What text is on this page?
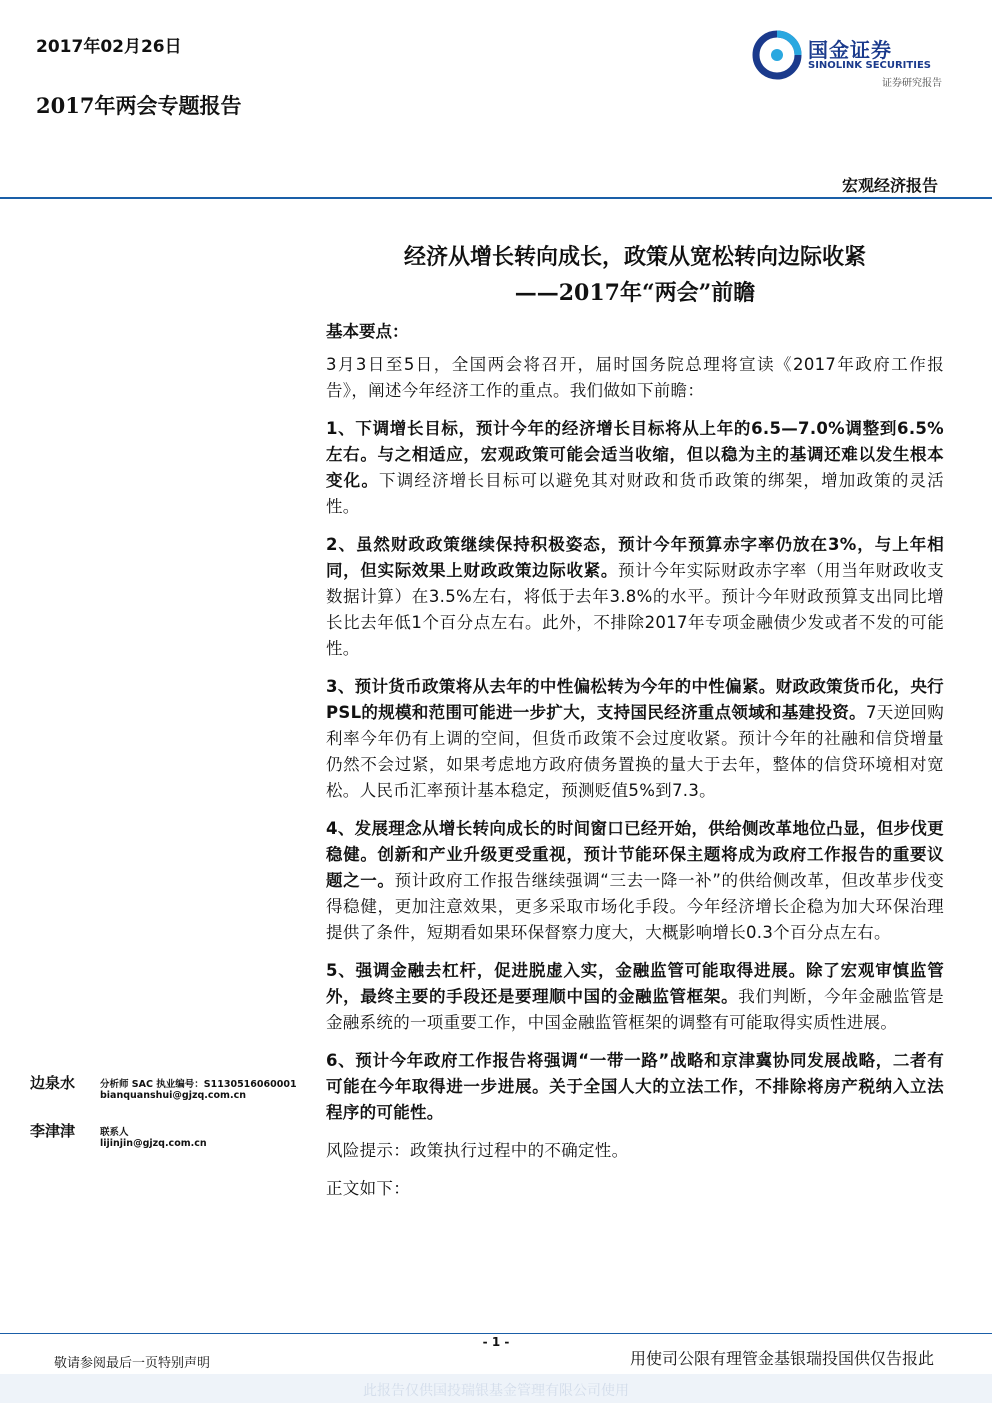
2017年02月26日
2017年两会专题报告
国金证券
SINOLINK SECURITIES
证券研究报告
宏观经济报告
经济从增长转向成长，政策从宽松转向边际收紧
——2017年“两会”前瞻
基本要点：

3月3日至5日，全国两会将召开，届时国务院总理将宣读《2017年政府工作报告》，阐述今年经济工作的重点。我们做如下前瞻：

1、下调增长目标，预计今年的经济增长目标将从上年的6.5—7.0%调整到6.5%左右。与之相适应，宏观政策可能会适当收缩，但以稳为主的基调还难以发生根本变化。下调经济增长目标可以避免其对财政和货币政策的绑架，增加政策的灵活性。

2、虽然财政政策继续保持积极姿态，预计今年预算赤字率仍放在3%，与上年相同，但实际效果上财政政策边际收紧。预计今年实际财政赤字率（用当年财政收支数据计算）在3.5%左右，将低于去年3.8%的水平。预计今年财政预算支出同比增长比去年低1个百分点左右。此外，不排除2017年专项金融债少发或者不发的可能性。

3、预计货币政策将从去年的中性偏松转为今年的中性偏紧。财政政策货币化，央行PSL的规模和范围可能进一步扩大，支持国民经济重点领域和基建投资。7天逆回购利率今年仍有上调的空间，但货币政策不会过度收紧。预计今年的社融和信贷增量仍然不会过紧，如果考虑地方政府债务置换的量大于去年，整体的信贷环境相对宽松。人民币汇率预计基本稳定，预测贬值5%到7.3。

4、发展理念从增长转向成长的时间窗口已经开始，供给侧改革地位凸显，但步伐更稳健。创新和产业升级更受重视，预计节能环保主题将成为政府工作报告的重要议题之一。预计政府工作报告继续强调“三去一降一补”的供给侧改革，但改革步伐变得稳健，更加注意效果，更多采取市场化手段。今年经济增长企稳为加大环保治理提供了条件，短期看如果环保督察力度大，大概影响增长0.3个百分点左右。

5、强调金融去杠杆，促进脱虚入实，金融监管可能取得进展。除了宏观审慎监管外，最终主要的手段还是要理顺中国的金融监管框架。我们判断，今年金融监管是金融系统的一项重要工作，中国金融监管框架的调整有可能取得实质性进展。

6、预计今年政府工作报告将强调“一带一路”战略和京津冀协同发展战略，二者有可能在今年取得进一步进展。关于全国人大的立法工作，不排除将房产税纳入立法程序的可能性。

风险提示：政策执行过程中的不确定性。

正文如下：

边泉水	分析师 SAC 执业编号：S1130516060001
bianquanshui@gjzq.com.cn
李津津	联系人
lijinjin@gjzq.com.cn
- 1 -
敬请参阅最后一页特别声明	用使司公限有理管金基银瑞投国供仅告报此
此报告仅供国投瑞银基金管理有限公司使用
